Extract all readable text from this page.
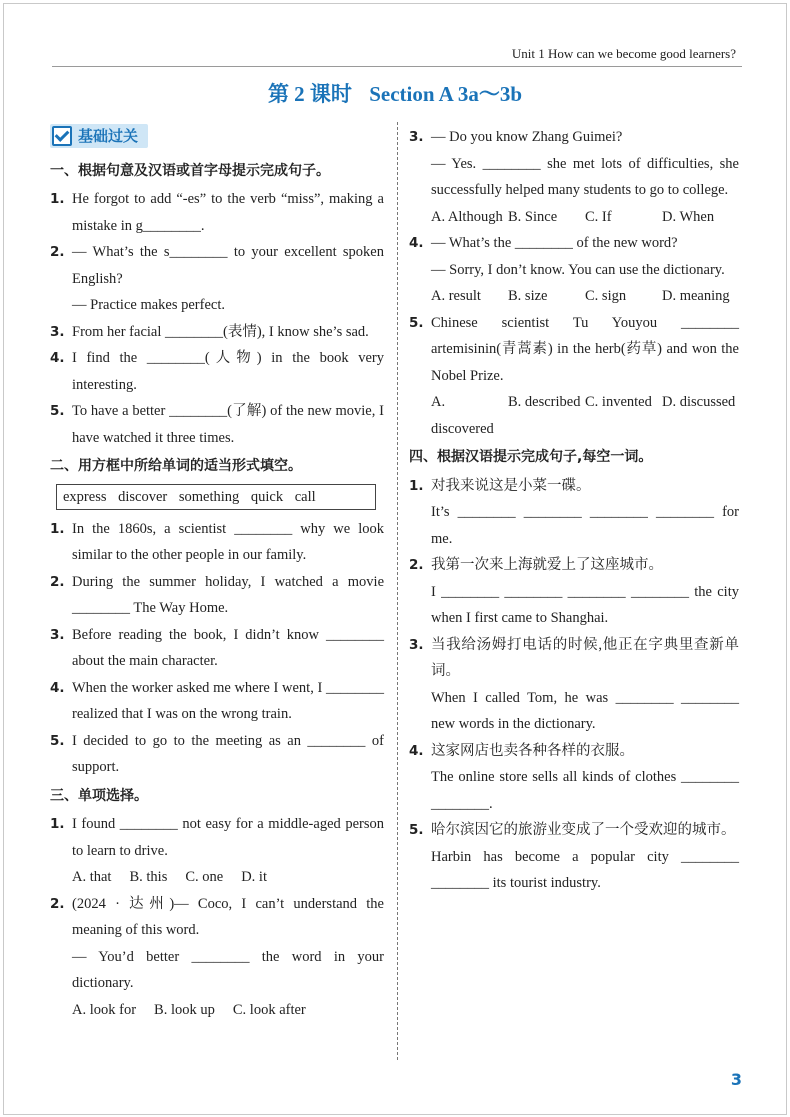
Unit 1 How can we become good learners?
第 2 课时 Section A 3a～3b
基础过关
一、根据句意及汉语或首字母提示完成句子。
1. He forgot to add “-es” to the verb “miss”, making a mistake in g________.
2. — What’s the s________ to your excellent spoken English?
— Practice makes perfect.
3. From her facial ________(表情), I know she’s sad.
4. I find the ________(人物) in the book very interesting.
5. To have a better ________(了解) of the new movie, I have watched it three times.
二、用方框中所给单词的适当形式填空。
express discover something quick call
1. In the 1860s, a scientist ________ why we look similar to the other people in our family.
2. During the summer holiday, I watched a movie ________ The Way Home.
3. Before reading the book, I didn’t know ________ about the main character.
4. When the worker asked me where I went, I ________ realized that I was on the wrong train.
5. I decided to go to the meeting as an ________ of support.
三、单项选择。
1. I found ________ not easy for a middle-aged person to learn to drive.
A. that B. this C. one D. it
2. (2024 · 达州)— Coco, I can’t understand the meaning of this word.
— You’d better ________ the word in your dictionary.
A. look for B. look up C. look after
3. — Do you know Zhang Guimei?
— Yes. ________ she met lots of difficulties, she successfully helped many students to go to college.
A. Although B. Since	C. If	D. When
4. — What’s the ________ of the new word?
— Sorry, I don’t know. You can use the dictionary.
A. result	B. size	C. sign	D. meaning
5. Chinese scientist Tu Youyou ________ artemisinin(青蒿素) in the herb(药草) and won the Nobel Prize.
A. discovered
B. described C. invented D. discussed
四、根据汉语提示完成句子,每空一词。
1. 对我来说这是小菜一碟。
It’s ________ ________ ________ ________ for me.
2. 我第一次来上海就爱上了这座城市。
I ________ ________ ________ ________ the city when I first came to Shanghai.
3. 当我给汤姆打电话的时候,他正在字典里查新单词。
When I called Tom, he was ________ ________ new words in the dictionary.
4. 这家网店也卖各种各样的衣服。
The online store sells all kinds of clothes ________ ________.
5. 哈尔滨因它的旅游业变成了一个受欢迎的城市。
Harbin has become a popular city ________ ________ its tourist industry.
3
